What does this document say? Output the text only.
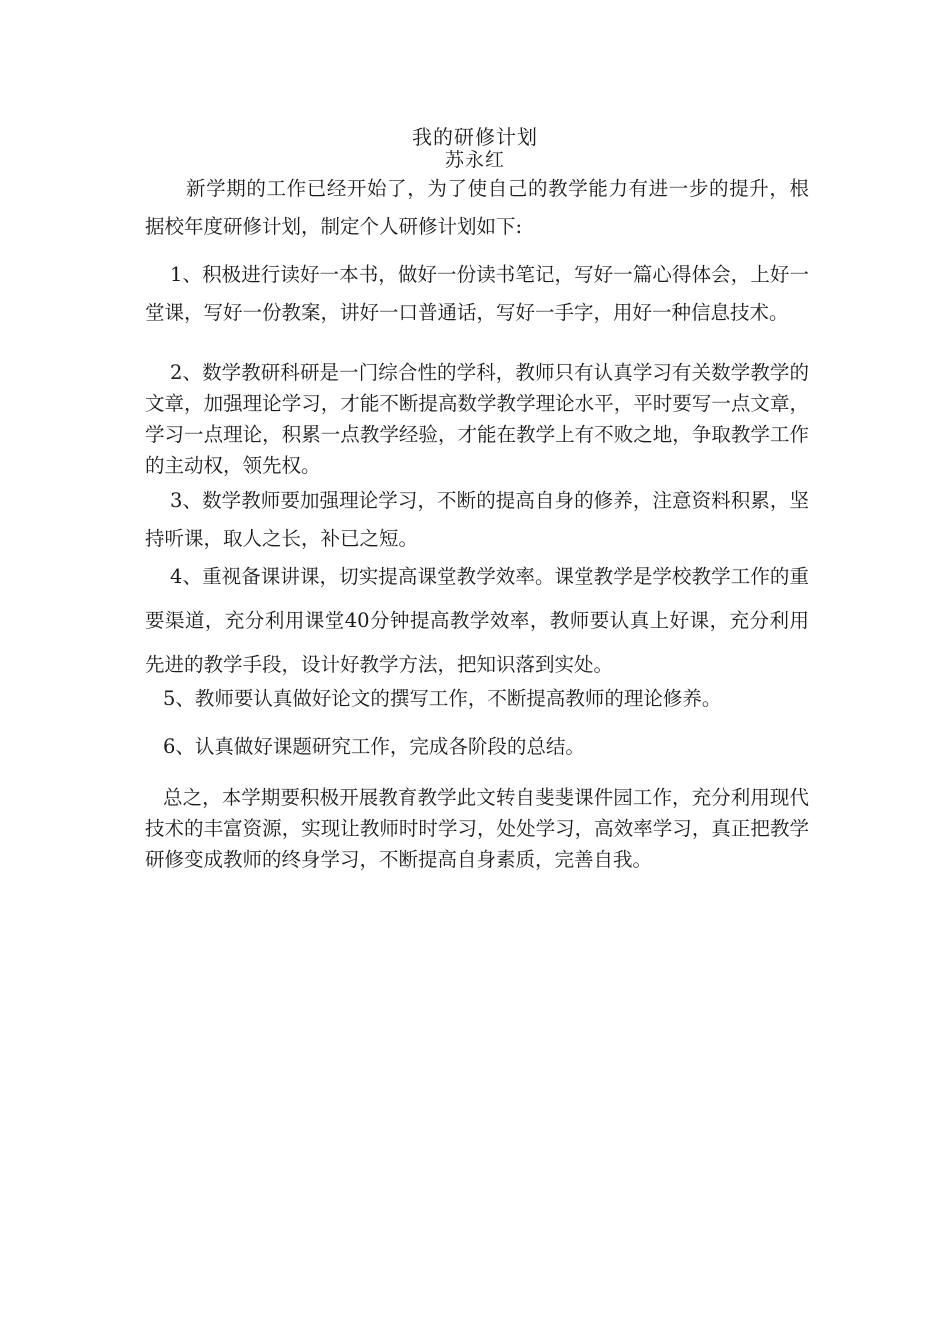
我的研修计划
苏永红

新学期的工作已经开始了，为了使自己的教学能力有进一步的提升，根据校年度研修计划，制定个人研修计划如下:

1、积极进行读好一本书，做好一份读书笔记，写好一篇心得体会，上好一堂课，写好一份教案，讲好一口普通话，写好一手字，用好一种信息技术。

2、数学教研科研是一门综合性的学科，教师只有认真学习有关数学教学的文章，加强理论学习，才能不断提高数学教学理论水平，平时要写一点文章，学习一点理论，积累一点教学经验，才能在教学上有不败之地，争取教学工作的主动权，领先权。

3、数学教师要加强理论学习，不断的提高自身的修养，注意资料积累，坚持听课，取人之长，补已之短。

4、重视备课讲课，切实提高课堂教学效率。课堂教学是学校教学工作的重要渠道，充分利用课堂40分钟提高教学效率，教师要认真上好课，充分利用先进的教学手段，设计好教学方法，把知识落到实处。

5、教师要认真做好论文的撰写工作，不断提高教师的理论修养。

6、认真做好课题研究工作，完成各阶段的总结。

总之，本学期要积极开展教育教学此文转自斐斐课件园工作，充分利用现代技术的丰富资源，实现让教师时时学习，处处学习，高效率学习，真正把教学研修变成教师的终身学习，不断提高自身素质，完善自我。
